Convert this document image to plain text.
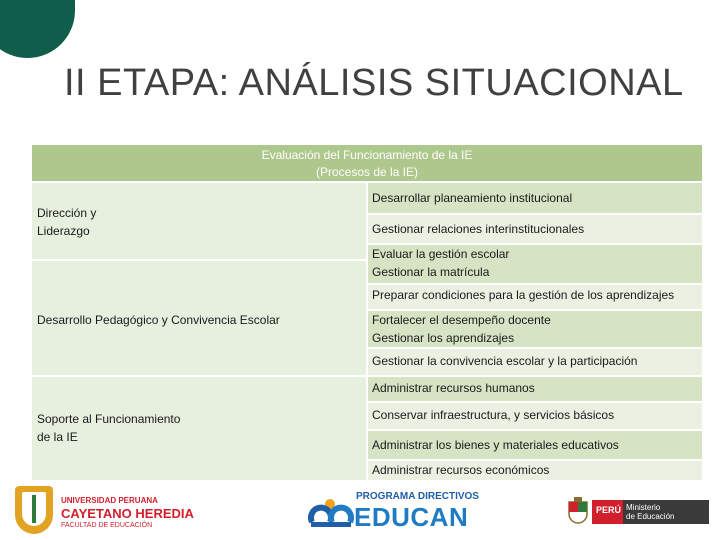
II ETAPA: ANÁLISIS SITUACIONAL
Evaluación del Funcionamiento de la IE
(Procesos de la IE)
Dirección y
Liderazgo
Desarrollo Pedagógico y Convivencia Escolar
Soporte al Funcionamiento
de la IE
Desarrollar planeamiento institucional
Gestionar relaciones interinstitucionales
Evaluar la gestión escolar
Gestionar la matrícula
Preparar condiciones para la gestión de los aprendizajes
Fortalecer el desempeño docente
Gestionar los aprendizajes
Gestionar la convivencia escolar y la participación
Administrar recursos humanos
Conservar infraestructura, y servicios básicos
Administrar los bienes y materiales educativos
Administrar recursos económicos
UNIVERSIDAD PERUANA
CAYETANO HEREDIA
FACULTAD DE EDUCACIÓN
PROGRAMA DIRECTIVOS
EDUCAN	PERÚ Ministerio
de Educación
